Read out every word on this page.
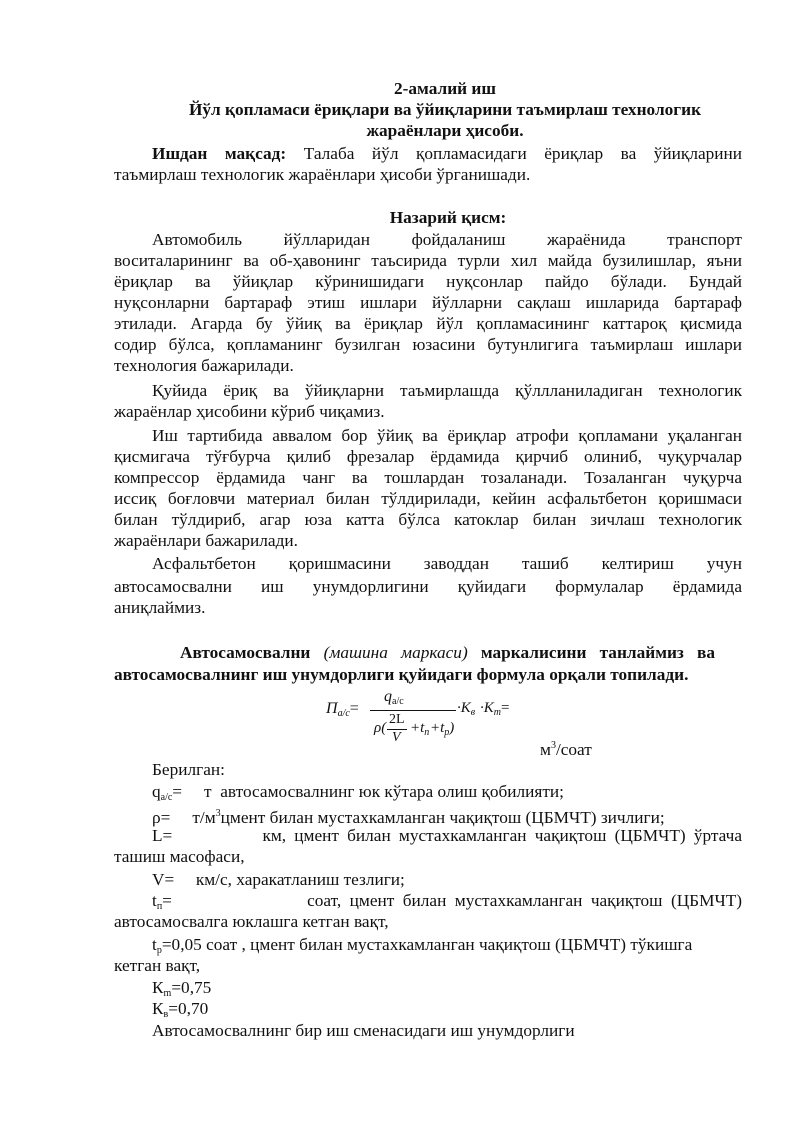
2-амалий иш
Йўл қопламаси ёриқлари ва ўйиқларини таъмирлаш технологик
жараёнлари ҳисоби.
Ишдан мақсад: Талаба йўл қопламасидаги ёриқлар ва ўйиқларини
таъмирлаш технологик жараёнлари ҳисоби ўрганишади.
Назарий қисм:
Автомобиль йўлларидан фойдаланиш жараёнида транспорт
воситаларининг ва об-ҳавонинг таъсирида турли хил майда бузилишлар, яъни
ёриқлар ва ўйиқлар кўринишидаги нуқсонлар пайдо бўлади. Бундай
нуқсонларни бартараф этиш ишлари йўлларни сақлаш ишларида бартараф
этилади. Агарда бу ўйиқ ва ёриқлар йўл қопламасининг каттароқ қисмида
содир бўлса, қопламанинг бузилган юзасини бутунлигига таъмирлаш ишлари
технология бажарилади.
Қуйида ёриқ ва ўйиқларни таъмирлашда қўллланиладиган технологик
жараёнлар ҳисобини кўриб чиқамиз.
Иш тартибида аввалом бор ўйиқ ва ёриқлар атрофи қопламани уқаланган
қисмигача тўғбурча қилиб фрезалар ёрдамида қирчиб олиниб, чуқурчалар
компрессор ёрдамида чанг ва тошлардан тозаланади. Тозаланган чуқурча
иссиқ боғловчи материал билан тўлдирилади, кейин асфальтбетон қоришмаси
билан тўлдириб, агар юза катта бўлса катоклар билан зичлаш технологик
жараёнлари бажарилади.
Асфальтбетон қоришмасини заводдан ташиб келтириш учун
автосамосвални иш унумдорлигини қуйидаги формулалар ёрдамида
аниқлаймиз.
Автосамосвални (машина маркаси) маркалисини танлаймиз ва
автосамосвалнинг иш унумдорлиги қуйидаги формула орқали топилади.
$П_{а/с}=$
$q_{а/с}$
ρ(
2L
V
$+t_п +t_р$)
$\cdot K_в \cdot K_m=$
$м^3$/соат
Берилган:
$q_{а/с}= т$ автосамосвалнинг юк кўтара олиш қобилияти;
$\rho= т/м^3цмент$ билан мустахкамланган чақиқтош (ЦБМЧТ) зичлиги;
L=	км, цмент билан мустахкамланган чақиқтош (ЦБМЧТ) ўртача
ташиш масофаси,
V= км/с, харакатланиш тезлиги;
$t_п=$	соат, цмент билан мустахкамланган чақиқтош (ЦБМЧТ)
автосамосвалга юклашга кетган вақт,
$t_р=0,05$ соат , цмент билан мустахкамланган чақиқтош (ЦБМЧТ) тўкишга
кетган вақт,
$К_m=0,75$
$К_в=0,70$
Автосамосвалнинг бир иш сменасидаги иш унумдорлиги
